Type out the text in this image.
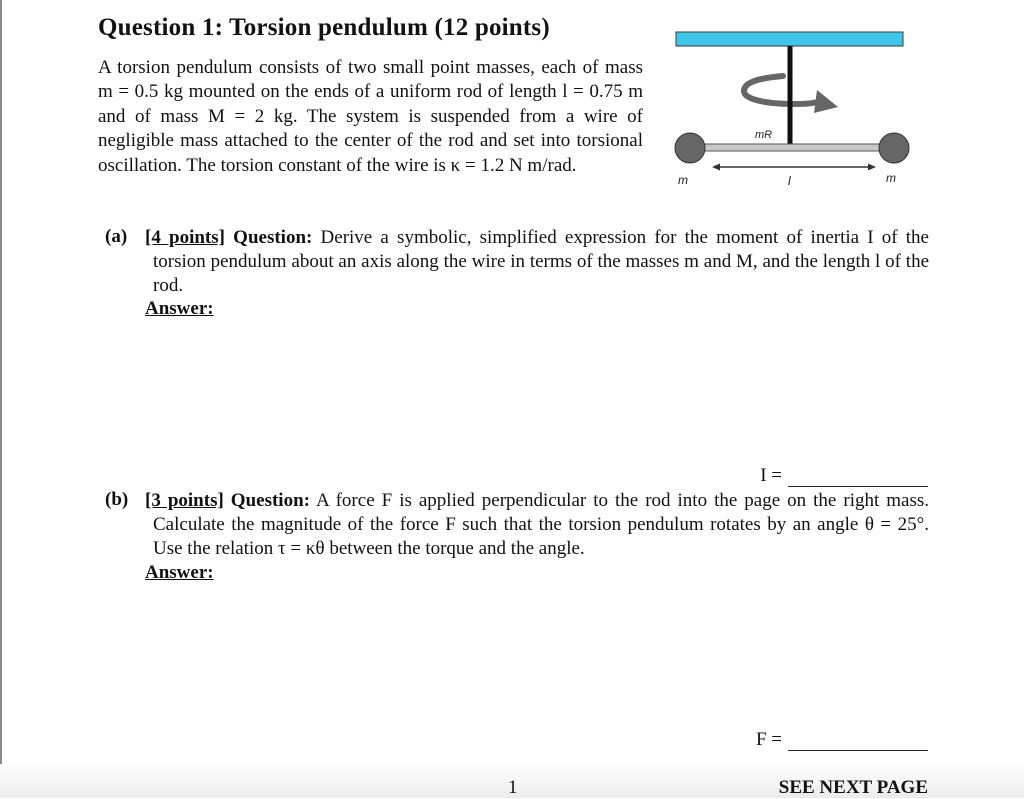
Question 1: Torsion pendulum (12 points)

A torsion pendulum consists of two small point masses, each of mass m = 0.5 kg mounted on the ends of a uniform rod of length l = 0.75 m and of mass M = 2 kg. The system is suspended from a wire of negligible mass attached to the center of the rod and set into torsional oscillation. The torsion constant of the wire is κ = 1.2 N m/rad.

mR
m	l	m
(a) [4 points] Question: Derive a symbolic, simplified expression for the moment of inertia I of the torsion pendulum about an axis along the wire in terms of the masses m and M, and the length l of the rod.

Answer:
I =
(b) [3 points] Question: A force F is applied perpendicular to the rod into the page on the right mass. Calculate the magnitude of the force F such that the torsion pendulum rotates by an angle θ = 25°. Use the relation τ = κθ between the torque and the angle.

Answer:
F =
1	SEE NEXT PAGE
